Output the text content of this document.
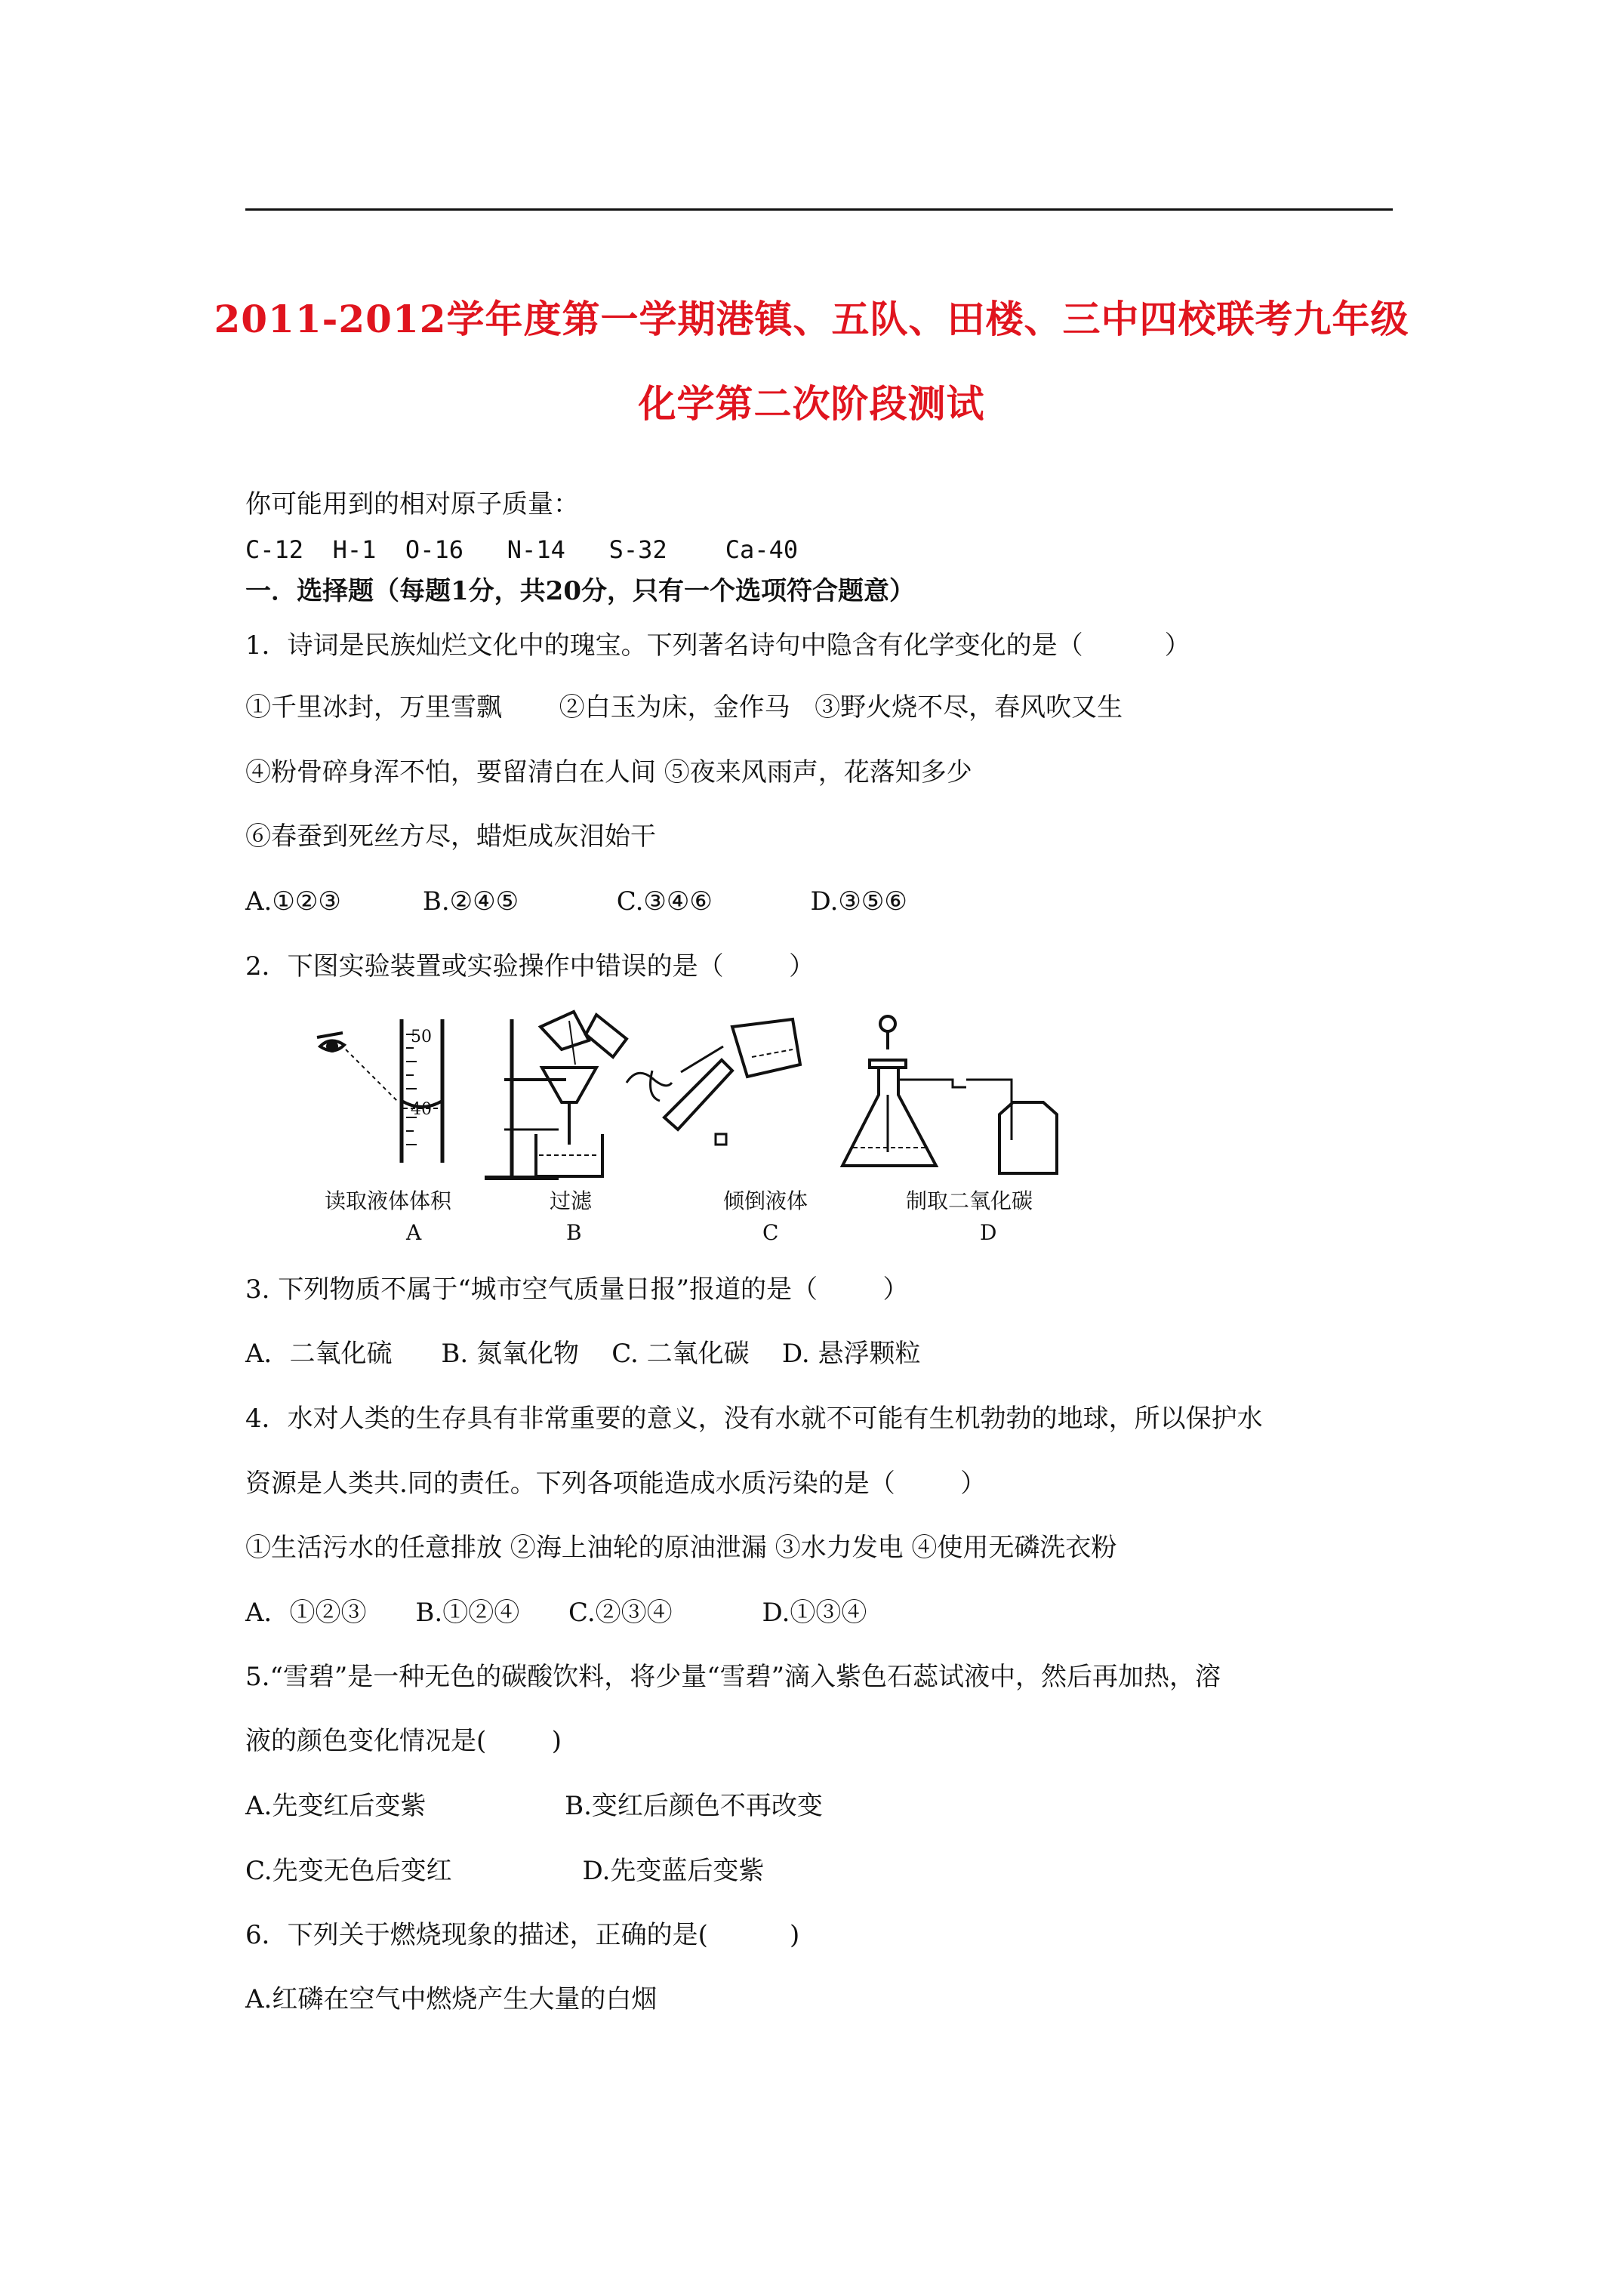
2011-2012学年度第一学期港镇、五队、田楼、三中四校联考九年级
化学第二次阶段测试
你可能用到的相对原子质量：
C-12  H-1  O-16   N-14   S-32    Ca-40
一．选择题（每题1分，共20分，只有一个选项符合题意）
1．诗词是民族灿烂文化中的瑰宝。下列著名诗句中隐含有化学变化的是（          ）
①千里冰封，万里雪飘       ②白玉为床，金作马   ③野火烧不尽，春风吹又生
④粉骨碎身浑不怕，要留清白在人间 ⑤夜来风雨声，花落知多少
⑥春蚕到死丝方尽，蜡炬成灰泪始干
A.①②③          B.②④⑤            C.③④⑥            D.③⑤⑥
2．下图实验装置或实验操作中错误的是（        ）
50
40
读取液体体积
A
过滤
B
倾倒液体
C
制取二氧化碳
D
3. 下列物质不属于“城市空气质量日报”报道的是（        ）
A．二氧化硫      B. 氮氧化物    C. 二氧化碳    D. 悬浮颗粒
4．水对人类的生存具有非常重要的意义，没有水就不可能有生机勃勃的地球，所以保护水
资源是人类共.同的责任。下列各项能造成水质污染的是（        ）
①生活污水的任意排放 ②海上油轮的原油泄漏 ③水力发电 ④使用无磷洗衣粉
A．①②③      B.①②④      C.②③④           D.①③④
5.“雪碧”是一种无色的碳酸饮料，将少量“雪碧”滴入紫色石蕊试液中，然后再加热，溶
液的颜色变化情况是(        )
A.先变红后变紫                 B.变红后颜色不再改变
C.先变无色后变红                D.先变蓝后变紫
6．下列关于燃烧现象的描述，正确的是(          )
A.红磷在空气中燃烧产生大量的白烟
